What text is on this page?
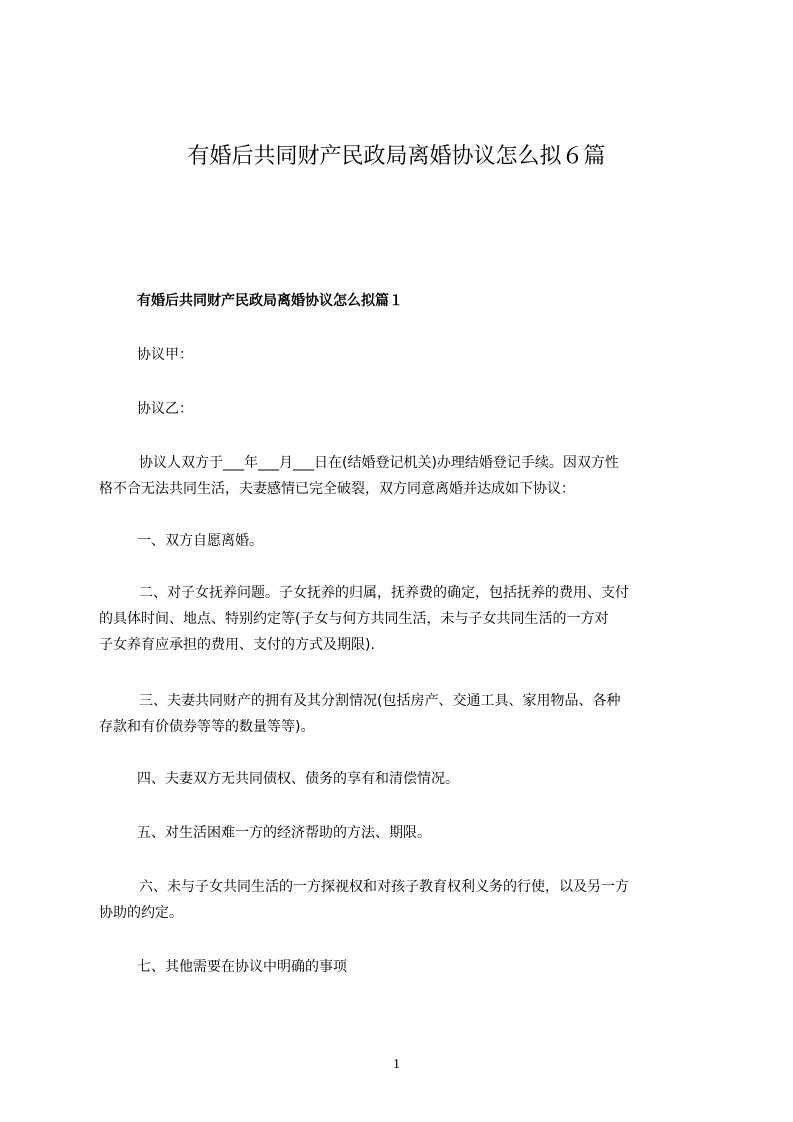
有婚后共同财产民政局离婚协议怎么拟６篇
有婚后共同财产民政局离婚协议怎么拟篇１

协议甲：

协议乙：

协议人双方于___年___月___日在(结婚登记机关)办理结婚登记手续。因双方性
格不合无法共同生活，夫妻感情已完全破裂，双方同意离婚并达成如下协议：

一、双方自愿离婚。

二、对子女抚养问题。子女抚养的归属，抚养费的确定，包括抚养的费用、支付
的具体时间、地点、特别约定等(子女与何方共同生活，未与子女共同生活的一方对
子女养育应承担的费用、支付的方式及期限).
三、夫妻共同财产的拥有及其分割情况(包括房产、交通工具、家用物品、各种
存款和有价债券等等的数量等等)。

四、夫妻双方无共同债权、债务的享有和清偿情况。

五、对生活困难一方的经济帮助的方法、期限。

六、未与子女共同生活的一方探视权和对孩子教育权利义务的行使，以及另一方
协助的约定。

七、其他需要在协议中明确的事项

1
